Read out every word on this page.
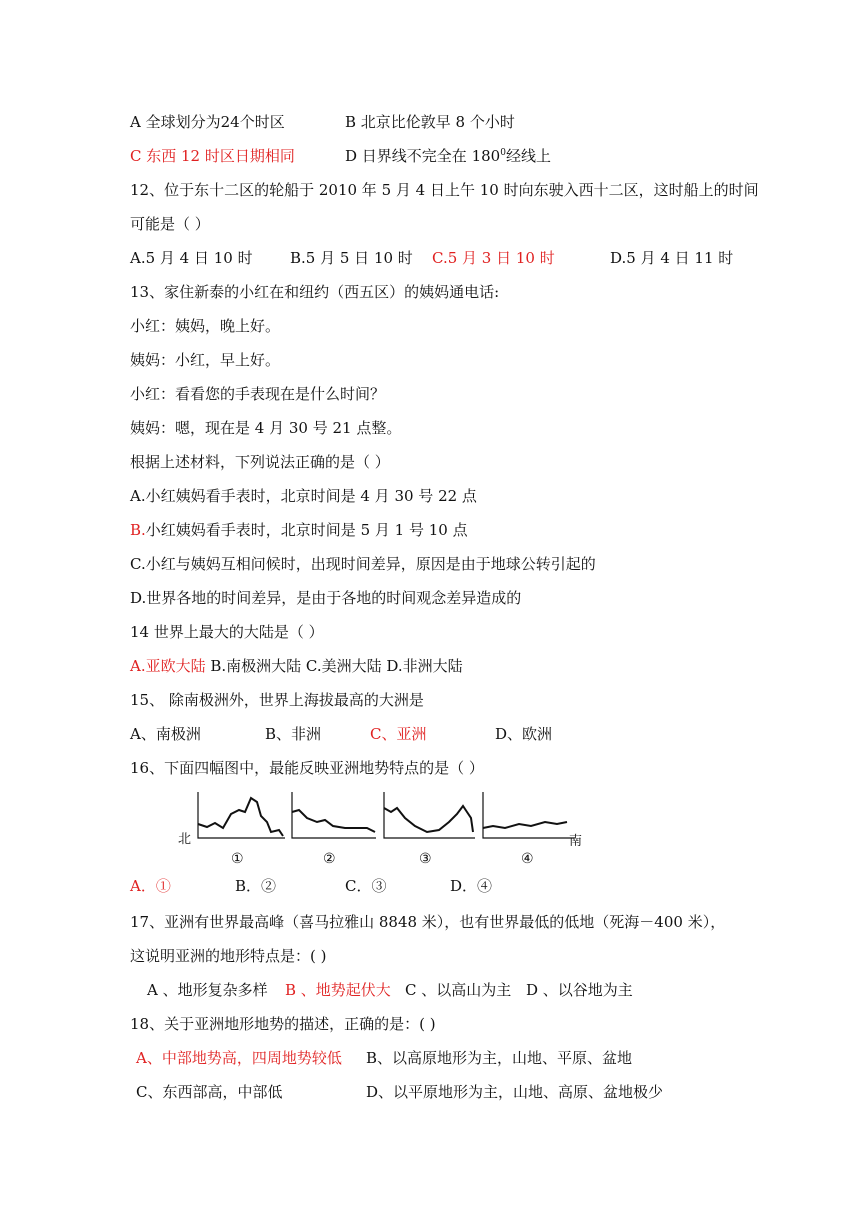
A 全球划分为24个时区	B 北京比伦敦早 8 个小时
C 东西 12 时区日期相同	D 日界线不完全在 $180^0$经线上
12、位于东十二区的轮船于 2010 年 5 月 4 日上午 10 时向东驶入西十二区，这时船上的时间
可能是（ ）
A.5 月 4 日 10 时 B.5 月 5 日 10 时 C.5 月 3 日 10 时	D.5 月 4 日 11 时
13、家住新泰的小红在和纽约（西五区）的姨妈通电话:
小红：姨妈，晚上好。
姨妈：小红，早上好。
小红：看看您的手表现在是什么时间？
姨妈：嗯，现在是 4 月 30 号 21 点整。
根据上述材料，下列说法正确的是（ ）
A.小红姨妈看手表时，北京时间是 4 月 30 号 22 点
B.小红姨妈看手表时，北京时间是 5 月 1 号 10 点
C.小红与姨妈互相问候时，出现时间差异，原因是由于地球公转引起的
D.世界各地的时间差异，是由于各地的时间观念差异造成的
14 世界上最大的大陆是（ ）
A.亚欧大陆 B.南极洲大陆 C.美洲大陆 D.非洲大陆
15、 除南极洲外，世界上海拔最高的大洲是
A、南极洲	B、非洲	C、亚洲	D、欧洲
16、下面四幅图中，最能反映亚洲地势特点的是（ ）
北	南
①	②	③	④
A．①	B．②	C．③	D．④
17、亚洲有世界最高峰（喜马拉雅山 8848 米），也有世界最低的低地（死海－400 米），
这说明亚洲的地形特点是：( )
A 、地形复杂多样 B 、地势起伏大 C 、以高山为主 D 、以谷地为主
18、关于亚洲地形地势的描述，正确的是：( )
A、中部地势高，四周地势较低 B、以高原地形为主，山地、平原、盆地
C、东西部高，中部低	D、以平原地形为主，山地、高原、盆地极少
